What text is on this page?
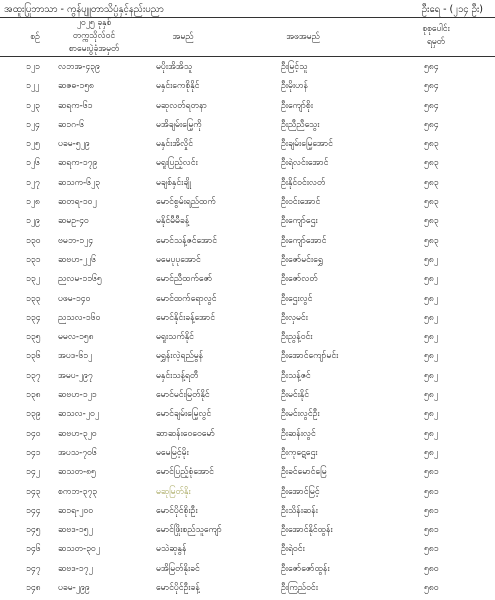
အထူးပြုဘာသာ - ကွန်ပျူတာသိပ္ပံနှင့်နည်းပညာ	ဦးရေ - (၂၁၄ ဦး)
စဉ်
၂၀၂၅ ခုနှစ်
တက္ကသိုလ်ဝင်
စာမေးပွဲခုံအမှတ်
အမည်	အဖအမည်
စုစုပေါင်း
ရမှတ်
၁၂၁ လဘအ-၄၃၉	မပိုးအိအိသူ	ဦးမြင့်သူ	၅၈၄
၁၂၂ ဆဇဓ-၁၅၈	မနှင်းကေစိုနိုင်	ဦးမိုးဟန်	၅၈၄
၁၂၃ ဆရက-၆၁	မဆုလတ်ရတနာ	ဦးကျော်စိုး	၅၈၄
၁၂၄ ဆ၁ဂ-၆	မအိချမ်းမြေ့ကို	ဦးညီညီသွေး	၅၈၄
၁၂၅ ပခမ-၅၂၉	မနှင်းအိလှိုင်	ဦးချမ်းမြေ့အောင်	၅၈၃
၁၂၆ ဆရက-၁၇၉	မရူးပြည့်လင်း	ဦးရဲလင်းအောင်	၅၈၃
၁၂၇ ဆသက-၆၂၃	မချစ်နှင်းချို	ဦးနိုင်ဝင်းလတ်	၅၈၃
၁၂၈ ဆတရ-၁၀၂	မောင်စွမ်းရည်ထက်	ဦးဝင်းအောင်	၅၈၃
၁၂၉ ဆမဥ-၄၀	မနိုင်မီမီခန့်	ဦးကျော်ဌေး	၅၈၃
၁၃၀ ဗမဘ-၁၂၄	မောင်သန့်ဇင်အောင်	ဦးကျော်အောင်	၅၈၃
၁၃၁ ဆဗဟ-၂၂၆	မမေပုပုအောင်	ဦးဇော်မင်းရွှေ	၅၈၂
၁၃၂ ညလမ-၁၁၆၅	မောင်ညီထက်ဇော်	ဦးဇော်လတ်	၅၈၂
၁၃၃ ပဖမ-၁၄၀	မောင်ထက်ရောလွင်	ဦးဌေးလွင်	၅၈၂
၁၃၄ ညသလ-၁၆၀	မောင်နိုင်းခန့်အောင်	ဦးလှမင်း	၅၈၂
၁၃၅ မမလ-၁၅၈	မရူးသက်နိုင်	ဦးညွန့်ဝင်း	၅၈၂
၁၃၆ အပဒ-၆၁၂	မရွှန်းလဲ့ရည်မွန်	ဦးအောင်ကျော်မင်း	၅၈၂
၁၃၇ အမပ-၂၉၇	မနှင်းသန့်ရတီ	ဦးသန့်ဇင်	၅၈၂
၁၃၈ ဆဗဟ-၁၂၁	မောင်မင်းမြတ်နိုင်	ဦးမင်းနိုင်	၅၈၂
၁၃၉ ဆသလ-၂၀၂	မောင်ချမ်းမြေ့လွင်	ဦးမင်းလွင်ဦး	၅၈၂
၁၄၀ ဆဗဟ-၃၂၀	ဆာဆန်းဝေဝေမော်	ဦးဆန်းလွင်	၅၈၂
၁၄၁ အပသ-၇၀၆	မမေမြင့်မိုး	ဦးကုဋေဌေး	၅၈၂
၁၄၂ ဆသတ-၈၅	မောင်ပြည့်စုံအောင်	ဦးခင်မောင်မြေ	၅၈၁
၁၄၃ စကဘ-၃၇၃	မဆုမြတ်နိုး	ဦးအောင်မြင့်	၅၈၁
၁၄၄ ဆ၁ရ-၂၀၀	မောင်ပိုင်စိုးဦး	ဦးသိန်းဆန်း	၅၈၁
၁၄၅ ဆဗဒ-၁၅၂	မောင်ဖြိုးစည်သူကျော်	ဦးအောင်နိုင်ထွန်း	၅၈၁
၁၄၆ ဆသတ-၃၀၂	မသဲဆုနွန်	ဦးရဲဝင်း	၅၈၁
၁၄၇ ဆဗဒ-၁၇၂	မအိမြတ်နိုးခင်	ဦးဇော်ဇော်ထွန်း	၅၈၀
၁၄၈ ပခမ-၂၉၉	မောင်ပိုင်ဦးခန့်	ဦးကြည်ဝင်း	၅၈၀
